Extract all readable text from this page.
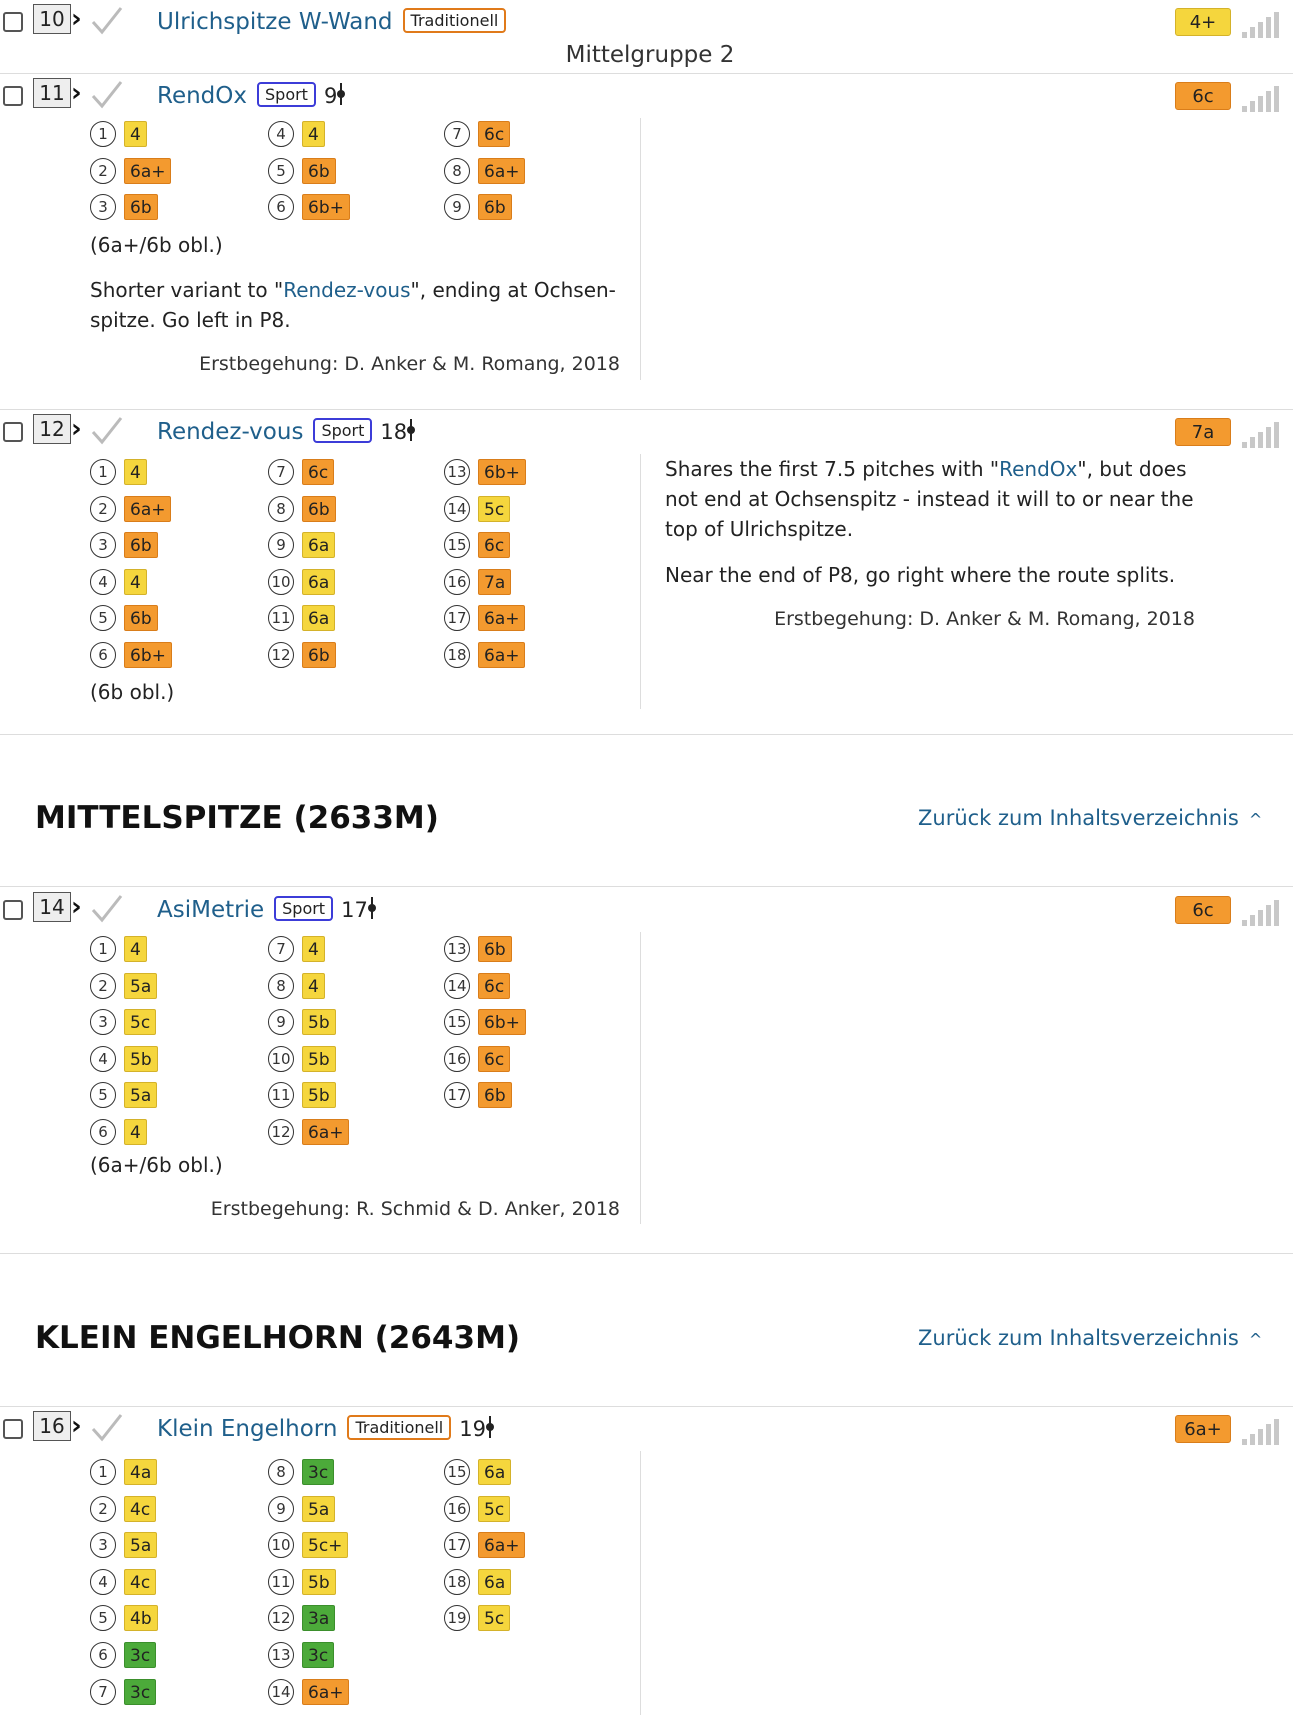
10 ›	Ulrichspitze W-Wand Traditionell	4+
Mittelgruppe 2
11 ›	RendOx Sport 9	6c
1	4
2	6a+
3	6b
4	4
5	6b
6	6b+
7	6c
8	6a+
9	6b
(6a+/6b obl.)
Shorter variant to "Rendez-vous", ending at Ochsen-
spitze. Go left in P8.
Erstbegehung: D. Anker & M. Romang, 2018
12 ›	Rendez-vous Sport 18	7a
1	4
2	6a+
3	6b
4	4
5	6b
6	6b+
7	6c
8	6b
9	6a
10	6a
11	6a
12	6b
13	6b+
14	5c
15	6c
16	7a
17	6a+
18	6a+
(6b obl.)
Shares the first 7.5 pitches with "RendOx", but does
not end at Ochsenspitz - instead it will to or near the
top of Ulrichspitze.
Near the end of P8, go right where the route splits.
Erstbegehung: D. Anker & M. Romang, 2018
MITTELSPITZE (2633M)	Zurück zum Inhaltsverzeichnis ^
14 ›	AsiMetrie Sport 17	6c
1	4
2	5a
3	5c
4	5b
5	5a
6	4
7	4
8	4
9	5b
10	5b
11	5b
12	6a+
13	6b
14	6c
15	6b+
16	6c
17	6b
(6a+/6b obl.)
Erstbegehung: R. Schmid & D. Anker, 2018
KLEIN ENGELHORN (2643M)	Zurück zum Inhaltsverzeichnis ^
16 ›	Klein Engelhorn Traditionell 19	6a+
1	4a
2	4c
3	5a
4	4c
5	4b
6	3c
7	3c
8	3c
9	5a
10	5c+
11	5b
12	3a
13	3c
14	6a+
15	6a
16	5c
17	6a+
18	6a
19	5c
